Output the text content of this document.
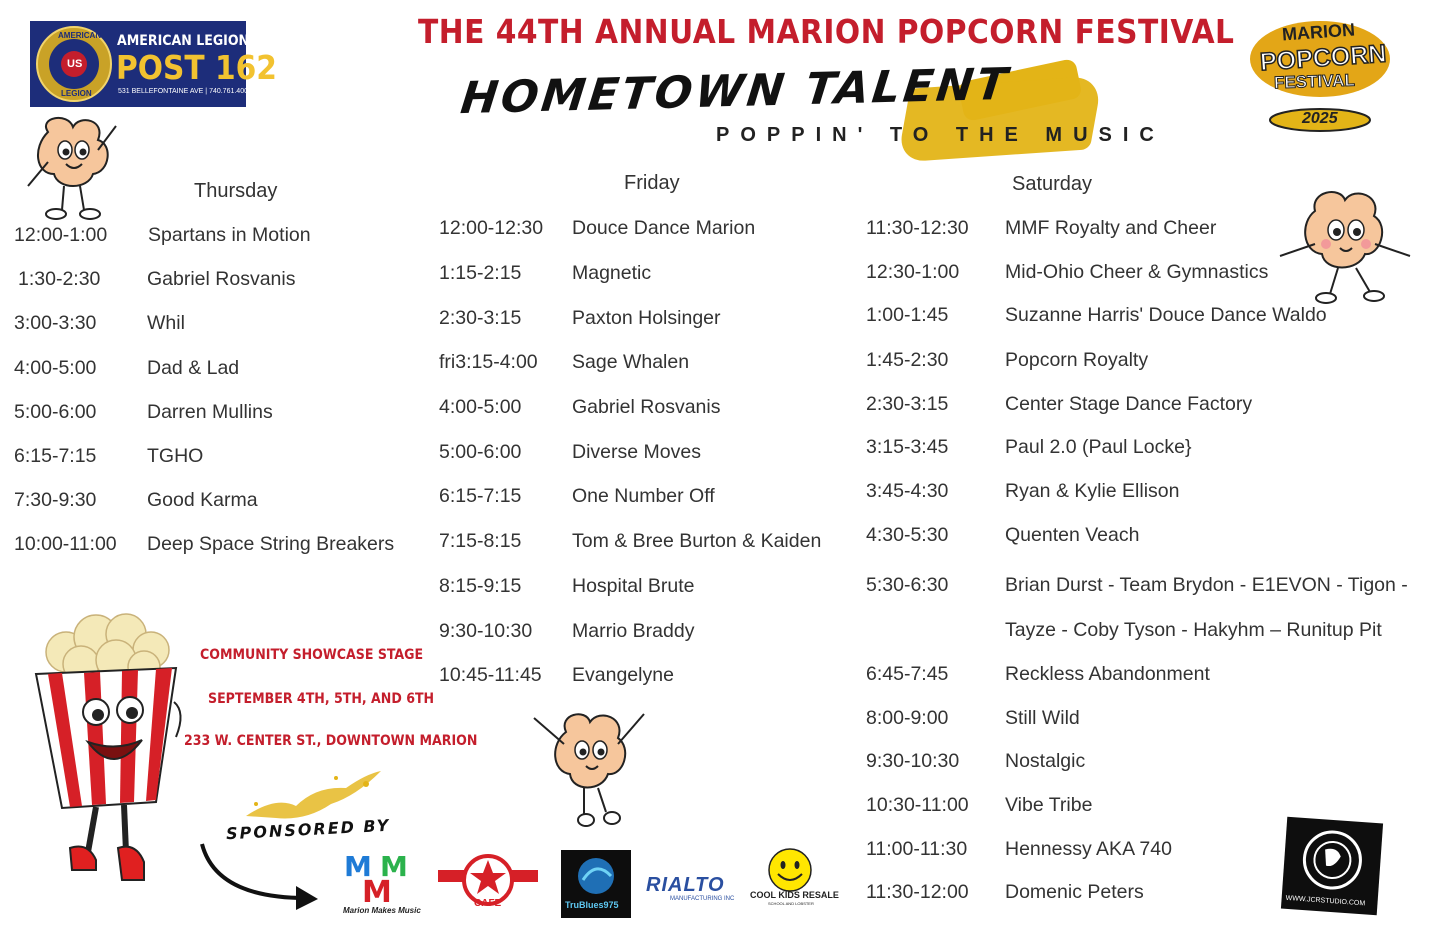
AMERICAN
US
LEGION
AMERICAN LEGION
POST 162
531 BELLEFONTAINE AVE | 740.761.4005
THE 44TH ANNUAL MARION POPCORN FESTIVAL
HOMETOWN TALENT
POPPIN' TO THE MUSIC
MARION
POPCORN
FESTIVAL
2025
Thursday	Friday	Saturday
12:00-1:00 Spartans in Motion
1:30-2:30 Gabriel Rosvanis
3:00-3:30	Whil
4:00-5:00	Dad & Lad
5:00-6:00	Darren Mullins
6:15-7:15	TGHO
7:30-9:30	Good Karma
10:00-11:00 Deep Space String Breakers
12:00-12:30 Douce Dance Marion
1:15-2:15	Magnetic
2:30-3:15	Paxton Holsinger
fri3:15-4:00 Sage Whalen
4:00-5:00	Gabriel Rosvanis
5:00-6:00	Diverse Moves
6:15-7:15	One Number Off
7:15-8:15	Tom & Bree Burton & Kaiden
8:15-9:15	Hospital Brute
9:30-10:30 Marrio Braddy
10:45-11:45 Evangelyne
11:30-12:30 MMF Royalty and Cheer
12:30-1:00 Mid-Ohio Cheer & Gymnastics
1:00-1:45	Suzanne Harris' Douce Dance Waldo
1:45-2:30	Popcorn Royalty
2:30-3:15	Center Stage Dance Factory
3:15-3:45	Paul 2.0 (Paul Locke}
3:45-4:30	Ryan & Kylie Ellison
4:30-5:30	Quenten Veach
5:30-6:30	Brian Durst - Team Brydon - E1EVON - Tigon -
Tayze - Coby Tyson - Hakyhm – Runitup Pit
6:45-7:45	Reckless Abandonment
8:00-9:00	Still Wild
9:30-10:30 Nostalgic
10:30-11:00 Vibe Tribe
11:00-11:30 Hennessy AKA 740
11:30-12:00 Domenic Peters
COMMUNITY SHOWCASE STAGE
SEPTEMBER 4TH, 5TH, AND 6TH
233 W. CENTER ST., DOWNTOWN MARION
SPONSORED BY
M M
M
Marion Makes Music
CAFE	TruBlues975
RIALTO
MANUFACTURING INC COOL KIDS RESALE
SCHOOL AND LOBSTER	WWW.JCRSTUDIO.COM
